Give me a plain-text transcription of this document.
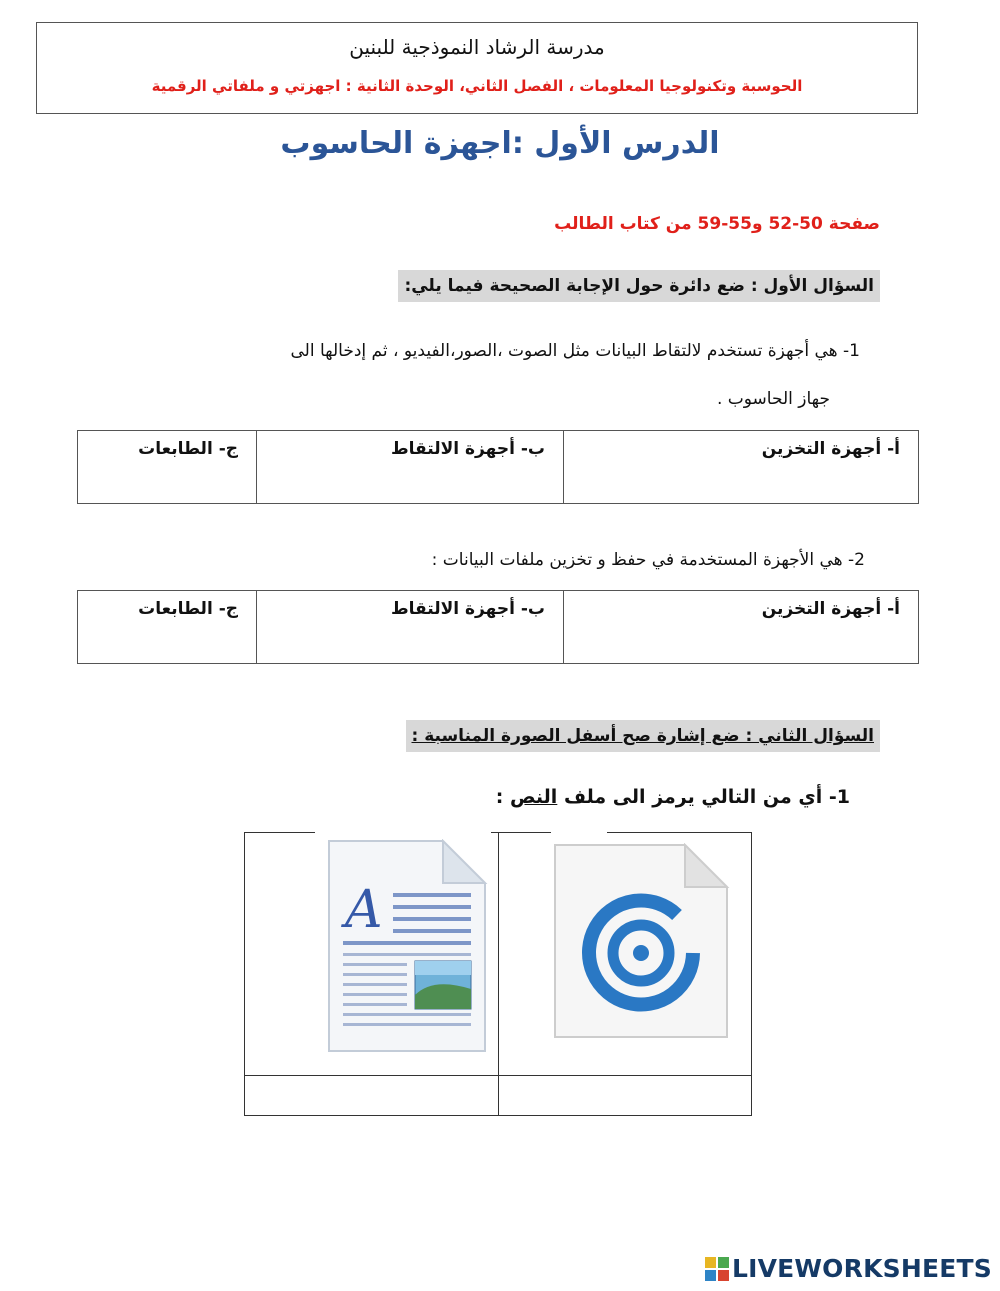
مدرسة الرشاد النموذجية للبنين
الحوسبة وتكنولوجيا المعلومات ، الفصل الثاني، الوحدة الثانية : اجهزتي و ملفاتي الرقمية
الدرس الأول :اجهزة الحاسوب
صفحة 50-52 و55-59 من كتاب الطالب
السؤال الأول : ضع دائرة حول الإجابة الصحيحة فيما يلي:
1- هي أجهزة تستخدم لالتقاط البيانات مثل الصوت ،الصور،الفيديو ، ثم إدخالها الى
جهاز الحاسوب .
أ- أجهزة التخزين	ب- أجهزة الالتقاط	ج- الطابعات
2- هي الأجهزة المستخدمة في حفظ و تخزين ملفات البيانات :
أ- أجهزة التخزين	ب- أجهزة الالتقاط	ج- الطابعات
السؤال الثاني : ضع إشارة صح أسفل الصورة المناسبة :
1- أي من التالي يرمز الى ملف النص :
A
LIVEWORKSHEETS
